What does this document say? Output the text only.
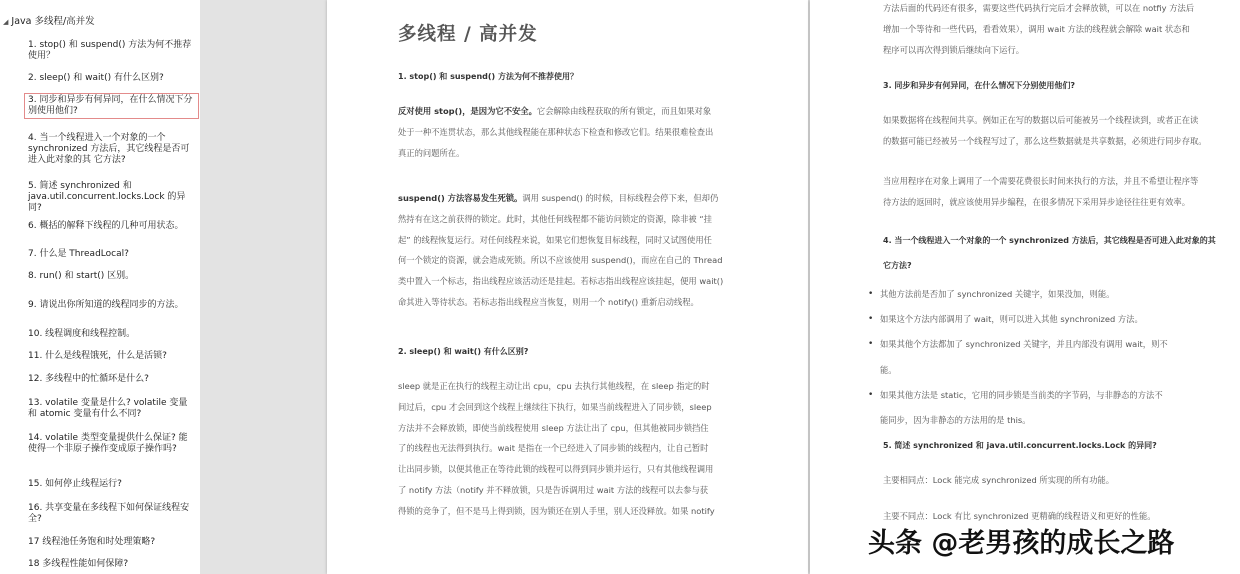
◢ Java 多线程/高并发
1. stop() 和 suspend() 方法为何不推荐使用？
2. sleep() 和 wait() 有什么区别?
3. 同步和异步有何异同，在什么情况下分别使用他们?
4. 当一个线程进入一个对象的一个 synchronized 方法后，其它线程是否可进入此对象的其 它方法?
5. 简述 synchronized 和 java.util.concurrent.locks.Lock 的异同?
6. 概括的解释下线程的几种可用状态。
7. 什么是 ThreadLocal?
8. run() 和 start() 区别。
9. 请说出你所知道的线程同步的方法。
10. 线程调度和线程控制。
11. 什么是线程饿死，什么是活锁?
12. 多线程中的忙循环是什么?
13. volatile 变量是什么? volatile 变量和 atomic 变量有什么不同?
14. volatile 类型变量提供什么保证? 能使得一个非原子操作变成原子操作吗?
15. 如何停止线程运行?
16. 共享变量在多线程下如何保证线程安全?
17 线程池任务饱和时处理策略?
18 多线程性能如何保障?
多线程 / 高并发
1. stop() 和 suspend() 方法为何不推荐使用？
反对使用 stop()，是因为它不安全。它会解除由线程获取的所有锁定，而且如果对象
处于一种不连贯状态，那么其他线程能在那种状态下检查和修改它们。结果很难检查出
真正的问题所在。
suspend() 方法容易发生死锁。调用 suspend() 的时候，目标线程会停下来，但却仍
然持有在这之前获得的锁定。此时，其他任何线程都不能访问锁定的资源，除非被 “挂
起” 的线程恢复运行。对任何线程来说，如果它们想恢复目标线程，同时又试图使用任
何一个锁定的资源，就会造成死锁。所以不应该使用 suspend()，而应在自己的 Thread
类中置入一个标志，指出线程应该活动还是挂起。若标志指出线程应该挂起，便用 wait()
命其进入等待状态。若标志指出线程应当恢复，则用一个 notify() 重新启动线程。
2. sleep() 和 wait() 有什么区别?
sleep 就是正在执行的线程主动让出 cpu，cpu 去执行其他线程，在 sleep 指定的时
间过后，cpu 才会回到这个线程上继续往下执行，如果当前线程进入了同步锁，sleep
方法并不会释放锁，即使当前线程使用 sleep 方法让出了 cpu，但其他被同步锁挡住
了的线程也无法得到执行。wait 是指在一个已经进入了同步锁的线程内，让自己暂时
让出同步锁，以便其他正在等待此锁的线程可以得到同步锁并运行，只有其他线程调用
了 notify 方法（notify 并不释放锁，只是告诉调用过 wait 方法的线程可以去参与获
得锁的竞争了，但不是马上得到锁，因为锁还在别人手里，别人还没释放。如果 notify
方法后面的代码还有很多，需要这些代码执行完后才会释放锁，可以在 notfiy 方法后
增加一个等待和一些代码，看看效果），调用 wait 方法的线程就会解除 wait 状态和
程序可以再次得到锁后继续向下运行。
3. 同步和异步有何异同，在什么情况下分别使用他们?
如果数据将在线程间共享。例如正在写的数据以后可能被另一个线程读到，或者正在读
的数据可能已经被另一个线程写过了，那么这些数据就是共享数据，必须进行同步存取。
当应用程序在对象上调用了一个需要花费很长时间来执行的方法，并且不希望让程序等
待方法的返回时，就应该使用异步编程，在很多情况下采用异步途径往往更有效率。
4. 当一个线程进入一个对象的一个 synchronized 方法后，其它线程是否可进入此对象的其
它方法?
• 其他方法前是否加了 synchronized 关键字，如果没加，则能。
• 如果这个方法内部调用了 wait，则可以进入其他 synchronized 方法。
• 如果其他个方法都加了 synchronized 关键字，并且内部没有调用 wait，则不
能。
• 如果其他方法是 static，它用的同步锁是当前类的字节码，与非静态的方法不
能同步，因为非静态的方法用的是 this。
5. 简述 synchronized 和 java.util.concurrent.locks.Lock 的异同?
主要相同点：Lock 能完成 synchronized 所实现的所有功能。
主要不同点：Lock 有比 synchronized 更精确的线程语义和更好的性能。
头条 @老男孩的成长之路
